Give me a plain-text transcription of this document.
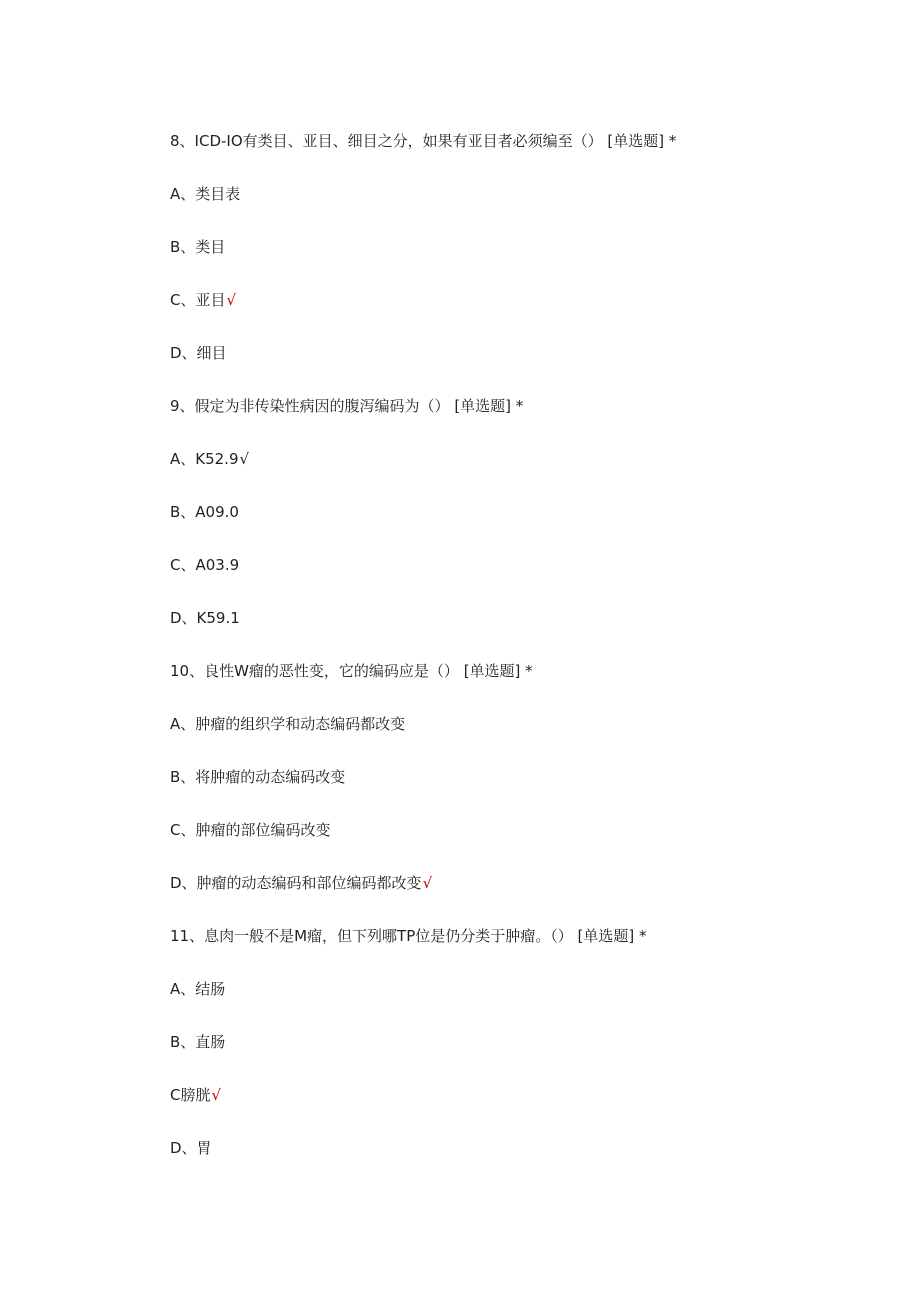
8、ICD-IO有类目、亚目、细目之分，如果有亚目者必须编至（） [单选题] *
A、类目表
B、类目
C、亚目√
D、细目
9、假定为非传染性病因的腹泻编码为（） [单选题] *
A、K52.9√
B、A09.0
C、A03.9
D、K59.1
10、良性W瘤的恶性变，它的编码应是（） [单选题] *
A、肿瘤的组织学和动态编码都改变
B、将肿瘤的动态编码改变
C、肿瘤的部位编码改变
D、肿瘤的动态编码和部位编码都改变√
11、息肉一般不是M瘤，但下列哪TP位是仍分类于肿瘤。（） [单选题] *
A、结肠
B、直肠
C膀胱√
D、胃
